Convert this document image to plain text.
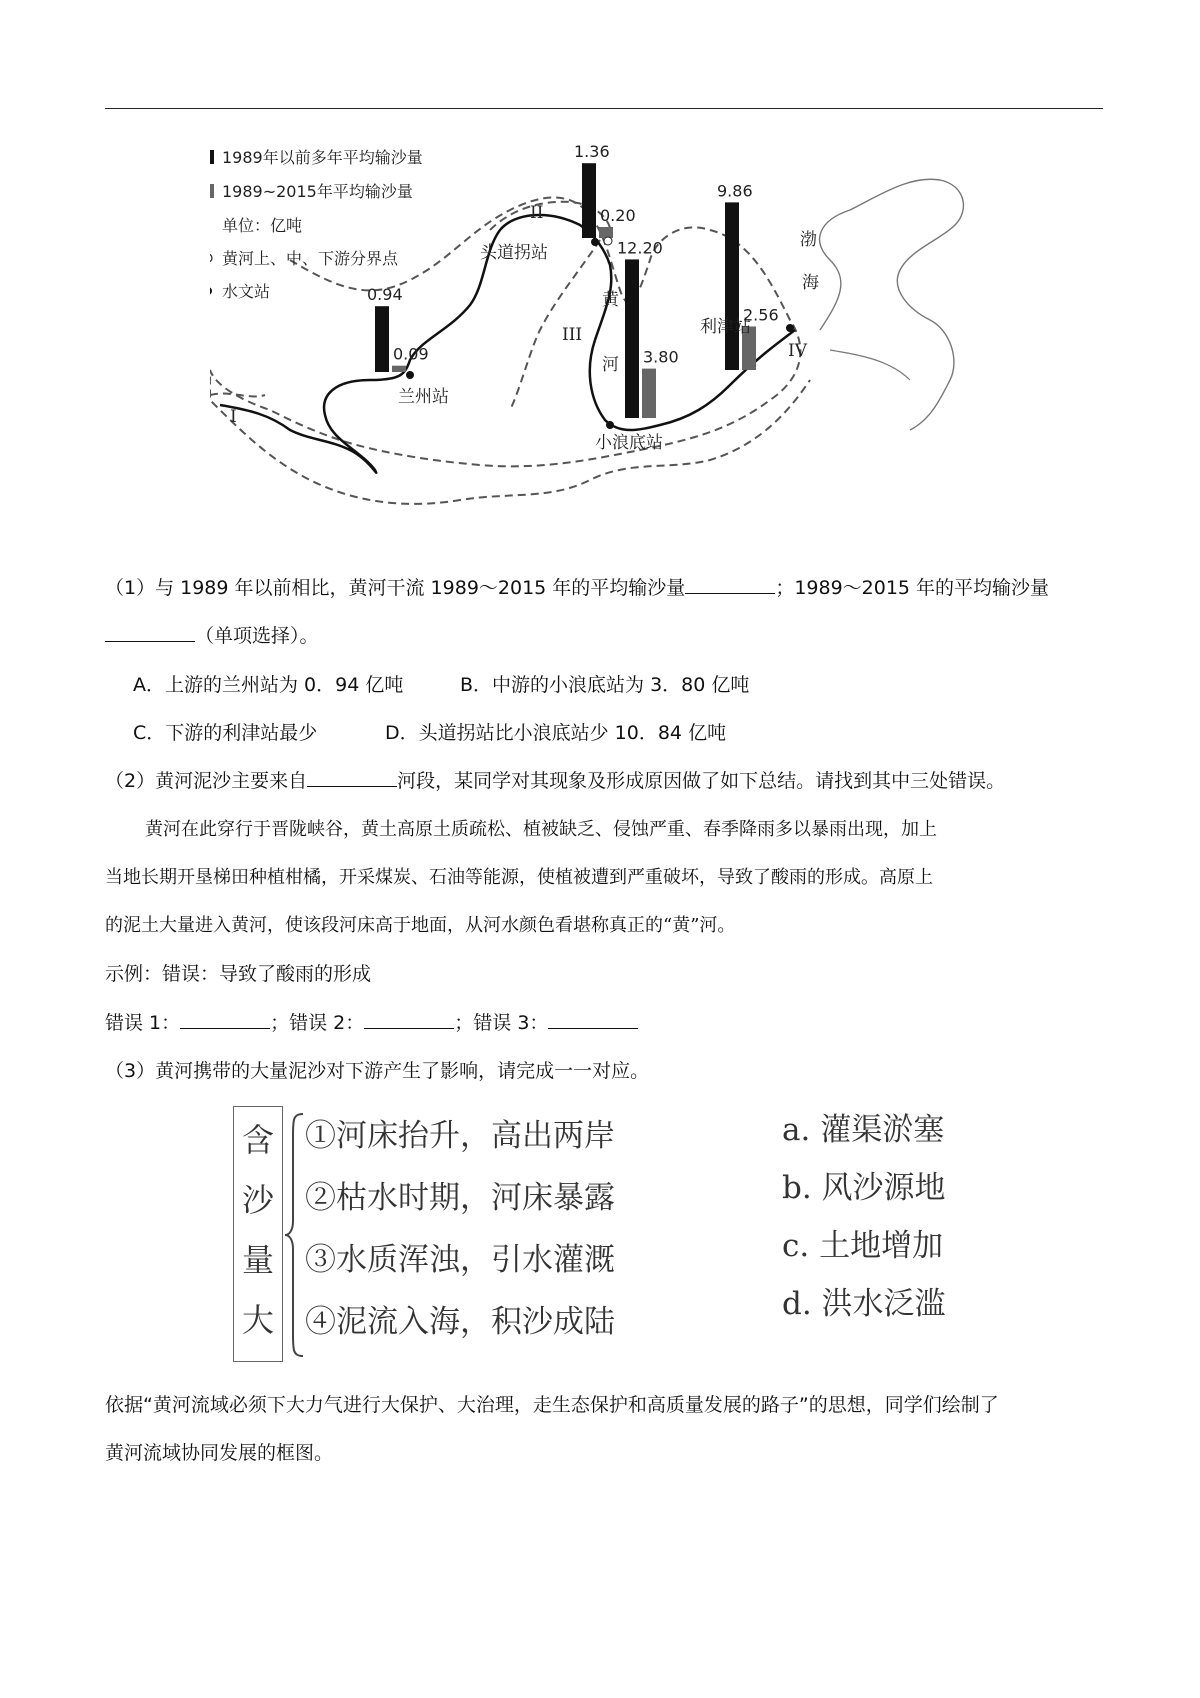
1989年以前多年平均输沙量
1989~2015年平均输沙量
单位：亿吨
黄河上、中、下游分界点
水文站	0.94
0.09
兰州站
1.36
0.20
头道拐站	12.20
3.80
小浪底站
9.86
2.56
利津站
I
II
III
IV
黄
河
渤
海
（1）与 1989 年以前相比，黄河干流 1989～2015 年的平均输沙量	；1989～2015 年的平均输沙量
（单项选择）。
A．上游的兰州站为 0．94 亿吨	B．中游的小浪底站为 3．80 亿吨
C．下游的利津站最少	D．头道拐站比小浪底站少 10．84 亿吨
（2）黄河泥沙主要来自	河段，某同学对其现象及形成原因做了如下总结。请找到其中三处错误。
黄河在此穿行于晋陇峡谷，黄土高原土质疏松、植被缺乏、侵蚀严重、春季降雨多以暴雨出现，加上
当地长期开垦梯田种植柑橘，开采煤炭、石油等能源，使植被遭到严重破坏，导致了酸雨的形成。高原上
的泥土大量进入黄河，使该段河床高于地面，从河水颜色看堪称真正的“黄”河。
示例：错误：导致了酸雨的形成
错误 1：	；错误 2：	；错误 3：
（3）黄河携带的大量泥沙对下游产生了影响，请完成一一对应。
含
沙
量
大
①河床抬升，高出两岸
②枯水时期，河床暴露
③水质浑浊，引水灌溉
④泥流入海，积沙成陆
a. 灌渠淤塞
b. 风沙源地
c. 土地增加
d. 洪水泛滥
依据“黄河流域必须下大力气进行大保护、大治理，走生态保护和高质量发展的路子”的思想，同学们绘制了
黄河流域协同发展的框图。
